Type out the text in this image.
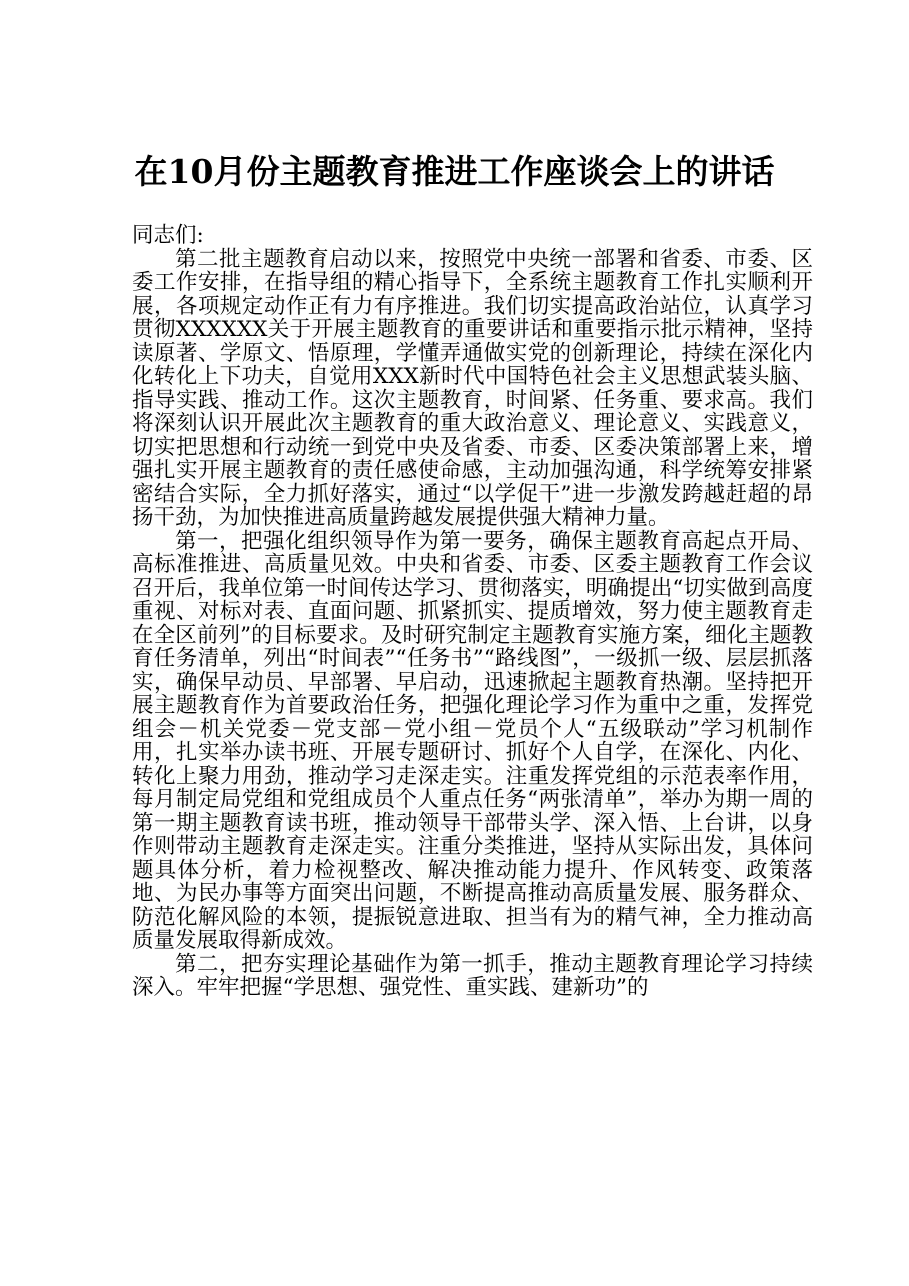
在10月份主题教育推进工作座谈会上的讲话

同志们:

第二批主题教育启动以来，按照党中央统一部署和省委、市委、区委工作安排，在指导组的精心指导下，全系统主题教育工作扎实顺利开展，各项规定动作正有力有序推进。我们切实提高政治站位，认真学习贯彻XXXXXX关于开展主题教育的重要讲话和重要指示批示精神，坚持读原著、学原文、悟原理，学懂弄通做实党的创新理论，持续在深化内化转化上下功夫，自觉用XXX新时代中国特色社会主义思想武装头脑、指导实践、推动工作。这次主题教育，时间紧、任务重、要求高。我们将深刻认识开展此次主题教育的重大政治意义、理论意义、实践意义，切实把思想和行动统一到党中央及省委、市委、区委决策部署上来，增强扎实开展主题教育的责任感使命感，主动加强沟通，科学统筹安排紧密结合实际，全力抓好落实，通过“以学促干”进一步激发跨越赶超的昂扬干劲，为加快推进高质量跨越发展提供强大精神力量。

第一，把强化组织领导作为第一要务，确保主题教育高起点开局、高标准推进、高质量见效。中央和省委、市委、区委主题教育工作会议召开后，我单位第一时间传达学习、贯彻落实，明确提出“切实做到高度重视、对标对表、直面问题、抓紧抓实、提质增效，努力使主题教育走在全区前列”的目标要求。及时研究制定主题教育实施方案，细化主题教育任务清单，列出“时间表”“任务书”“路线图”，一级抓一级、层层抓落实，确保早动员、早部署、早启动，迅速掀起主题教育热潮。坚持把开展主题教育作为首要政治任务，把强化理论学习作为重中之重，发挥党组会－机关党委－党支部－党小组－党员个人“五级联动”学习机制作用，扎实举办读书班、开展专题研讨、抓好个人自学，在深化、内化、转化上聚力用劲，推动学习走深走实。注重发挥党组的示范表率作用，每月制定局党组和党组成员个人重点任务“两张清单”，举办为期一周的第一期主题教育读书班，推动领导干部带头学、深入悟、上台讲，以身作则带动主题教育走深走实。注重分类推进，坚持从实际出发，具体问题具体分析，着力检视整改、解决推动能力提升、作风转变、政策落地、为民办事等方面突出问题，不断提高推动高质量发展、服务群众、防范化解风险的本领，提振锐意进取、担当有为的精气神，全力推动高质量发展取得新成效。

第二，把夯实理论基础作为第一抓手，推动主题教育理论学习持续深入。牢牢把握“学思想、强党性、重实践、建新功”的
